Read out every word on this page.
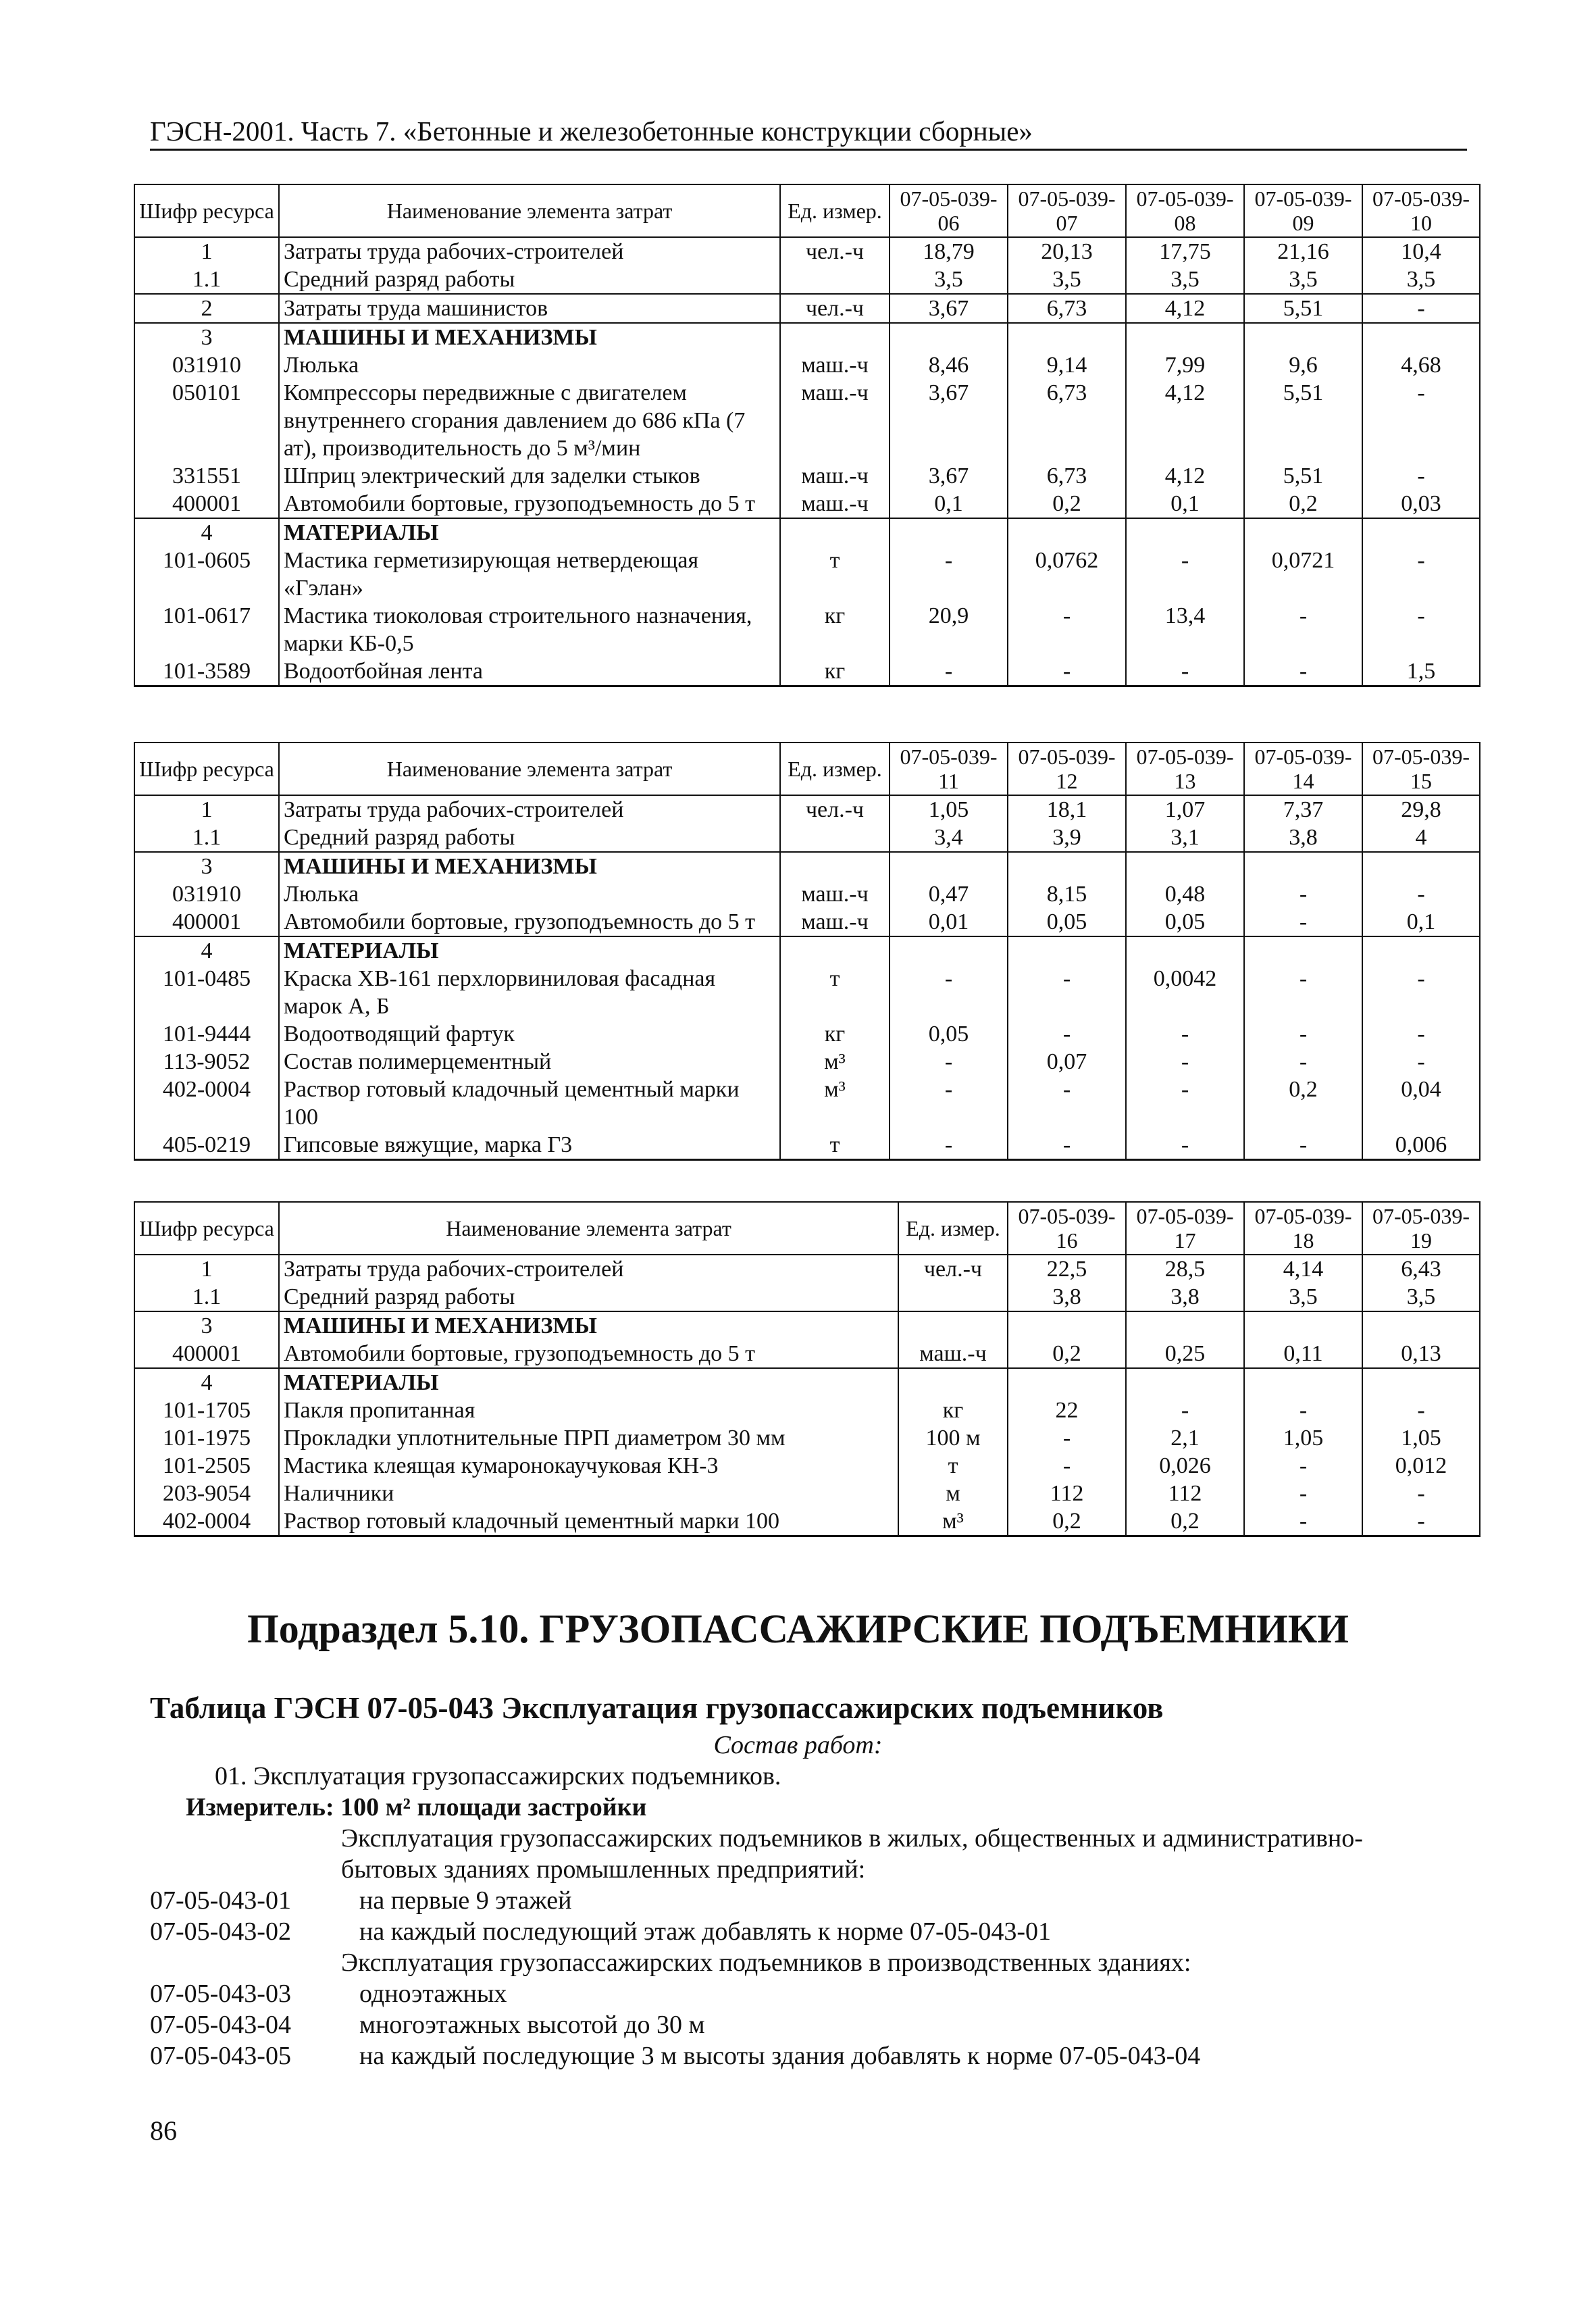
ГЭСН-2001. Часть 7. «Бетонные и железобетонные конструкции сборные»
Шифр ресурса	Наименование элемента затрат	Ед. измер.	07-05-039-06	07-05-039-07	07-05-039-08	07-05-039-09	07-05-039-10
1	Затраты труда рабочих-строителей	чел.-ч	18,79	20,13	17,75	21,16	10,4
1.1	Средний разряд работы		3,5	3,5	3,5	3,5	3,5
2	Затраты труда машинистов	чел.-ч	3,67	6,73	4,12	5,51	-
3	МАШИНЫ И МЕХАНИЗМЫ						
031910	Люлька	маш.-ч	8,46	9,14	7,99	9,6	4,68
050101	Компрессоры передвижные с двигателем внутреннего сгорания давлением до 686 кПа (7 ат), производительность до 5 м³/мин	маш.-ч	3,67	6,73	4,12	5,51	-
331551	Шприц электрический для заделки стыков	маш.-ч	3,67	6,73	4,12	5,51	-
400001	Автомобили бортовые, грузоподъемность до 5 т	маш.-ч	0,1	0,2	0,1	0,2	0,03
4	МАТЕРИАЛЫ						
101-0605	Мастика герметизирующая нетвердеющая «Гэлан»	т	-	0,0762	-	0,0721	-
101-0617	Мастика тиоколовая строительного назначения, марки КБ-0,5	кг	20,9	-	13,4	-	-
101-3589	Водоотбойная лента	кг	-	-	-	-	1,5
Шифр ресурса	Наименование элемента затрат	Ед. измер.	07-05-039-11	07-05-039-12	07-05-039-13	07-05-039-14	07-05-039-15
1	Затраты труда рабочих-строителей	чел.-ч	1,05	18,1	1,07	7,37	29,8
1.1	Средний разряд работы		3,4	3,9	3,1	3,8	4
3	МАШИНЫ И МЕХАНИЗМЫ						
031910	Люлька	маш.-ч	0,47	8,15	0,48	-	-
400001	Автомобили бортовые, грузоподъемность до 5 т	маш.-ч	0,01	0,05	0,05	-	0,1
4	МАТЕРИАЛЫ						
101-0485	Краска ХВ-161 перхлорвиниловая фасадная марок А, Б	т	-	-	0,0042	-	-
101-9444	Водоотводящий фартук	кг	0,05	-	-	-	-
113-9052	Состав полимерцементный	м³	-	0,07	-	-	-
402-0004	Раствор готовый кладочный цементный марки 100	м³	-	-	-	0,2	0,04
405-0219	Гипсовые вяжущие, марка Г3	т	-	-	-	-	0,006
Шифр ресурса	Наименование элемента затрат	Ед. измер.	07-05-039-16	07-05-039-17	07-05-039-18	07-05-039-19
1	Затраты труда рабочих-строителей	чел.-ч	22,5	28,5	4,14	6,43
1.1	Средний разряд работы		3,8	3,8	3,5	3,5
3	МАШИНЫ И МЕХАНИЗМЫ					
400001	Автомобили бортовые, грузоподъемность до 5 т	маш.-ч	0,2	0,25	0,11	0,13
4	МАТЕРИАЛЫ					
101-1705	Пакля пропитанная	кг	22	-	-	-
101-1975	Прокладки уплотнительные ПРП диаметром 30 мм	100 м	-	2,1	1,05	1,05
101-2505	Мастика клеящая кумаронокаучуковая КН-3	т	-	0,026	-	0,012
203-9054	Наличники	м	112	112	-	-
402-0004	Раствор готовый кладочный цементный марки 100	м³	0,2	0,2	-	-
Подраздел 5.10. ГРУЗОПАССАЖИРСКИЕ ПОДЪЕМНИКИ
Таблица ГЭСН 07-05-043 Эксплуатация грузопассажирских подъемников
Состав работ:
01. Эксплуатация грузопассажирских подъемников.
Измеритель: 100 м² площади застройки
Эксплуатация грузопассажирских подъемников в жилых, общественных и административно-
бытовых зданиях промышленных предприятий:
07-05-043-01	на первые 9 этажей
07-05-043-02	на каждый последующий этаж добавлять к норме 07-05-043-01
Эксплуатация грузопассажирских подъемников в производственных зданиях:
07-05-043-03	одноэтажных
07-05-043-04	многоэтажных высотой до 30 м
07-05-043-05	на каждый последующие 3 м высоты здания добавлять к норме 07-05-043-04
86
